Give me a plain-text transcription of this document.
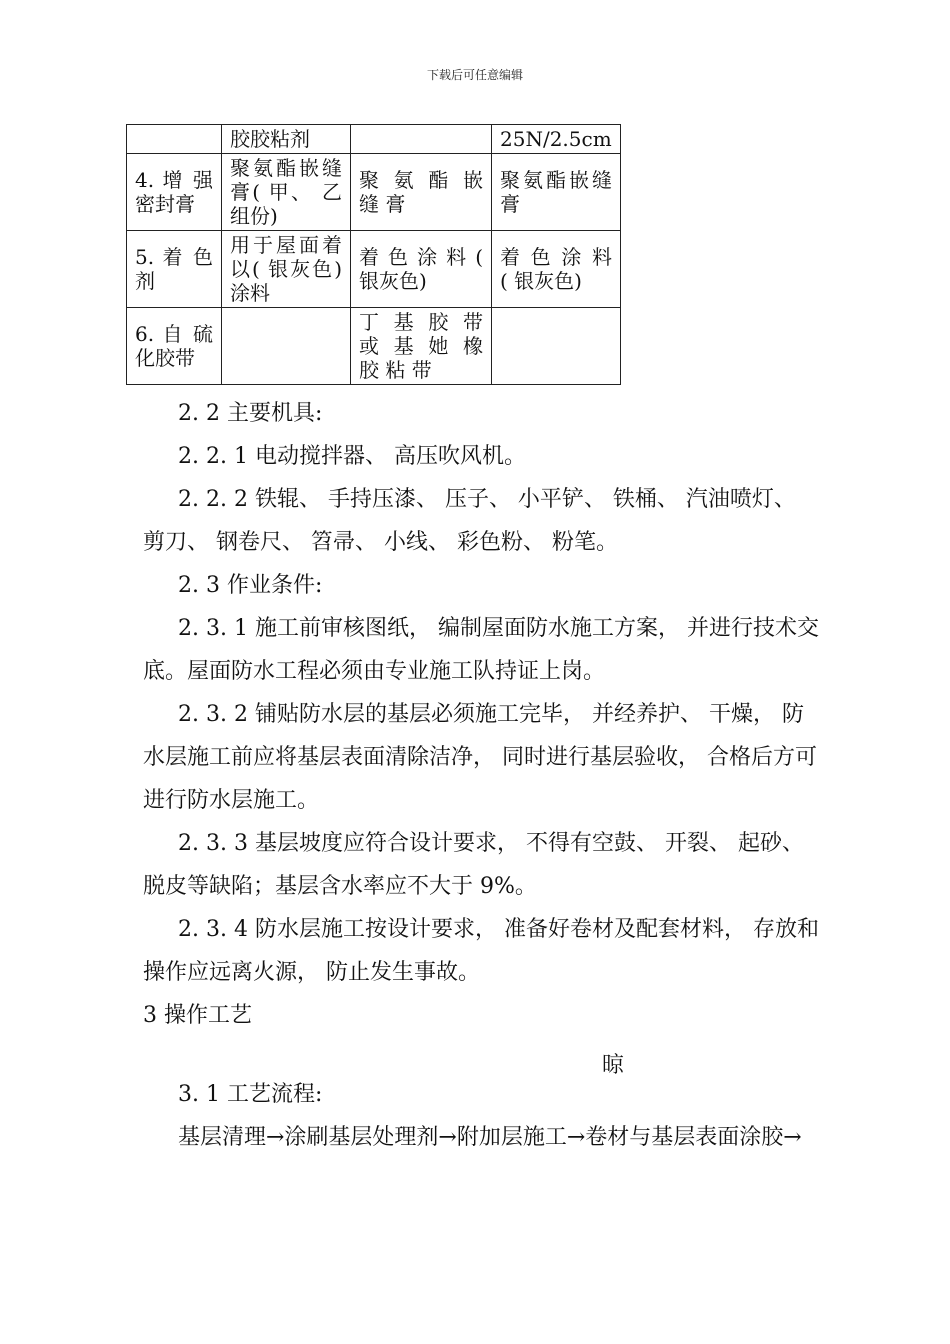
下载后可任意编辑
	胶胶粘剂		25N/2.5cm
4. 增 强 密封膏	聚氨酯嵌缝膏( 甲、 乙组份)	聚 氨 酯 嵌 缝 膏	聚氨酯嵌缝膏
5. 着 色 剂	用于屋面着以( 银灰色) 涂料	着 色 涂 料 ( 银灰色)	着 色 涂 料 ( 银灰色)
6. 自 硫 化胶带		丁 基 胶 带 或 基 她 橡 胶 粘 带	

2. 2 主要机具:

2. 2. 1 电动搅拌器、 高压吹风机。

2. 2. 2 铁辊、 手持压漆、 压子、 小平铲、 铁桶、 汽油喷灯、 剪刀、 钢卷尺、 笤帚、 小线、 彩色粉、 粉笔。

2. 3 作业条件:

2. 3. 1 施工前审核图纸， 编制屋面防水施工方案， 并进行技术交底。屋面防水工程必须由专业施工队持证上岗。

2. 3. 2 铺贴防水层的基层必须施工完毕， 并经养护、 干燥， 防水层施工前应将基层表面清除洁净， 同时进行基层验收， 合格后方可进行防水层施工。

2. 3. 3 基层坡度应符合设计要求， 不得有空鼓、 开裂、 起砂、 脱皮等缺陷；基层含水率应不大于 9%。

2. 3. 4 防水层施工按设计要求， 准备好卷材及配套材料， 存放和操作应远离火源， 防止发生事故。

3 操作工艺

晾

3. 1 工艺流程:

基层清理→涂刷基层处理剂→附加层施工→卷材与基层表面涂胶→
